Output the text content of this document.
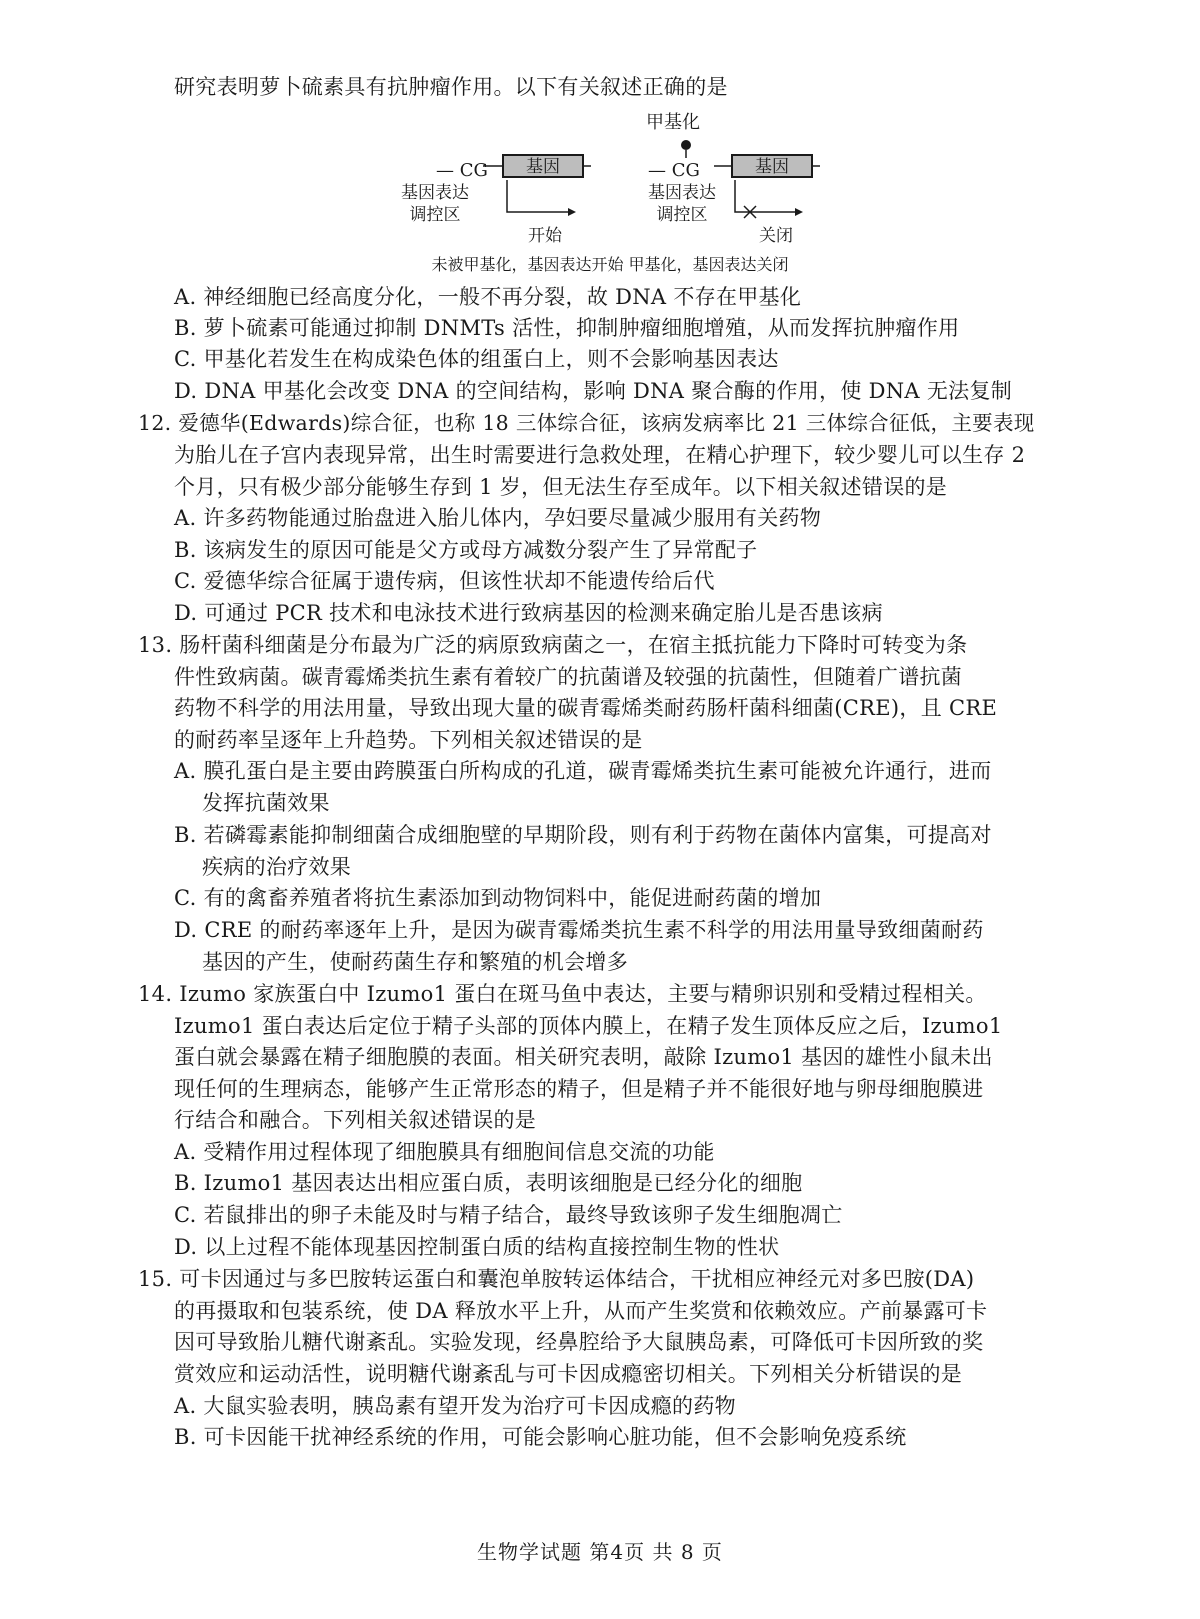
研究表明萝卜硫素具有抗肿瘤作用。以下有关叙述正确的是
— CG 基因
基因表达
调控区
开始
甲基化
— CG	基因
基因表达
调控区
关闭
未被甲基化，基因表达开始 甲基化，基因表达关闭
A. 神经细胞已经高度分化，一般不再分裂，故 DNA 不存在甲基化
B. 萝卜硫素可能通过抑制 DNMTs 活性，抑制肿瘤细胞增殖，从而发挥抗肿瘤作用
C. 甲基化若发生在构成染色体的组蛋白上，则不会影响基因表达
D. DNA 甲基化会改变 DNA 的空间结构，影响 DNA 聚合酶的作用，使 DNA 无法复制
12. 爱德华(Edwards)综合征，也称 18 三体综合征，该病发病率比 21 三体综合征低，主要表现
为胎儿在子宫内表现异常，出生时需要进行急救处理，在精心护理下，较少婴儿可以生存 2
个月，只有极少部分能够生存到 1 岁，但无法生存至成年。以下相关叙述错误的是
A. 许多药物能通过胎盘进入胎儿体内，孕妇要尽量减少服用有关药物
B. 该病发生的原因可能是父方或母方减数分裂产生了异常配子
C. 爱德华综合征属于遗传病，但该性状却不能遗传给后代
D. 可通过 PCR 技术和电泳技术进行致病基因的检测来确定胎儿是否患该病
13. 肠杆菌科细菌是分布最为广泛的病原致病菌之一，在宿主抵抗能力下降时可转变为条
件性致病菌。碳青霉烯类抗生素有着较广的抗菌谱及较强的抗菌性，但随着广谱抗菌
药物不科学的用法用量，导致出现大量的碳青霉烯类耐药肠杆菌科细菌(CRE)，且 CRE
的耐药率呈逐年上升趋势。下列相关叙述错误的是
A. 膜孔蛋白是主要由跨膜蛋白所构成的孔道，碳青霉烯类抗生素可能被允许通行，进而
发挥抗菌效果
B. 若磷霉素能抑制细菌合成细胞壁的早期阶段，则有利于药物在菌体内富集，可提高对
疾病的治疗效果
C. 有的禽畜养殖者将抗生素添加到动物饲料中，能促进耐药菌的增加
D. CRE 的耐药率逐年上升，是因为碳青霉烯类抗生素不科学的用法用量导致细菌耐药
基因的产生，使耐药菌生存和繁殖的机会增多
14. Izumo 家族蛋白中 Izumo1 蛋白在斑马鱼中表达，主要与精卵识别和受精过程相关。
Izumo1 蛋白表达后定位于精子头部的顶体内膜上，在精子发生顶体反应之后，Izumo1
蛋白就会暴露在精子细胞膜的表面。相关研究表明，敲除 Izumo1 基因的雄性小鼠未出
现任何的生理病态，能够产生正常形态的精子，但是精子并不能很好地与卵母细胞膜进
行结合和融合。下列相关叙述错误的是
A. 受精作用过程体现了细胞膜具有细胞间信息交流的功能
B. Izumo1 基因表达出相应蛋白质，表明该细胞是已经分化的细胞
C. 若鼠排出的卵子未能及时与精子结合，最终导致该卵子发生细胞凋亡
D. 以上过程不能体现基因控制蛋白质的结构直接控制生物的性状
15. 可卡因通过与多巴胺转运蛋白和囊泡单胺转运体结合，干扰相应神经元对多巴胺(DA)
的再摄取和包装系统，使 DA 释放水平上升，从而产生奖赏和依赖效应。产前暴露可卡
因可导致胎儿糖代谢紊乱。实验发现，经鼻腔给予大鼠胰岛素，可降低可卡因所致的奖
赏效应和运动活性，说明糖代谢紊乱与可卡因成瘾密切相关。下列相关分析错误的是
A. 大鼠实验表明，胰岛素有望开发为治疗可卡因成瘾的药物
B. 可卡因能干扰神经系统的作用，可能会影响心脏功能，但不会影响免疫系统
生物学试题 第4页 共 8 页
